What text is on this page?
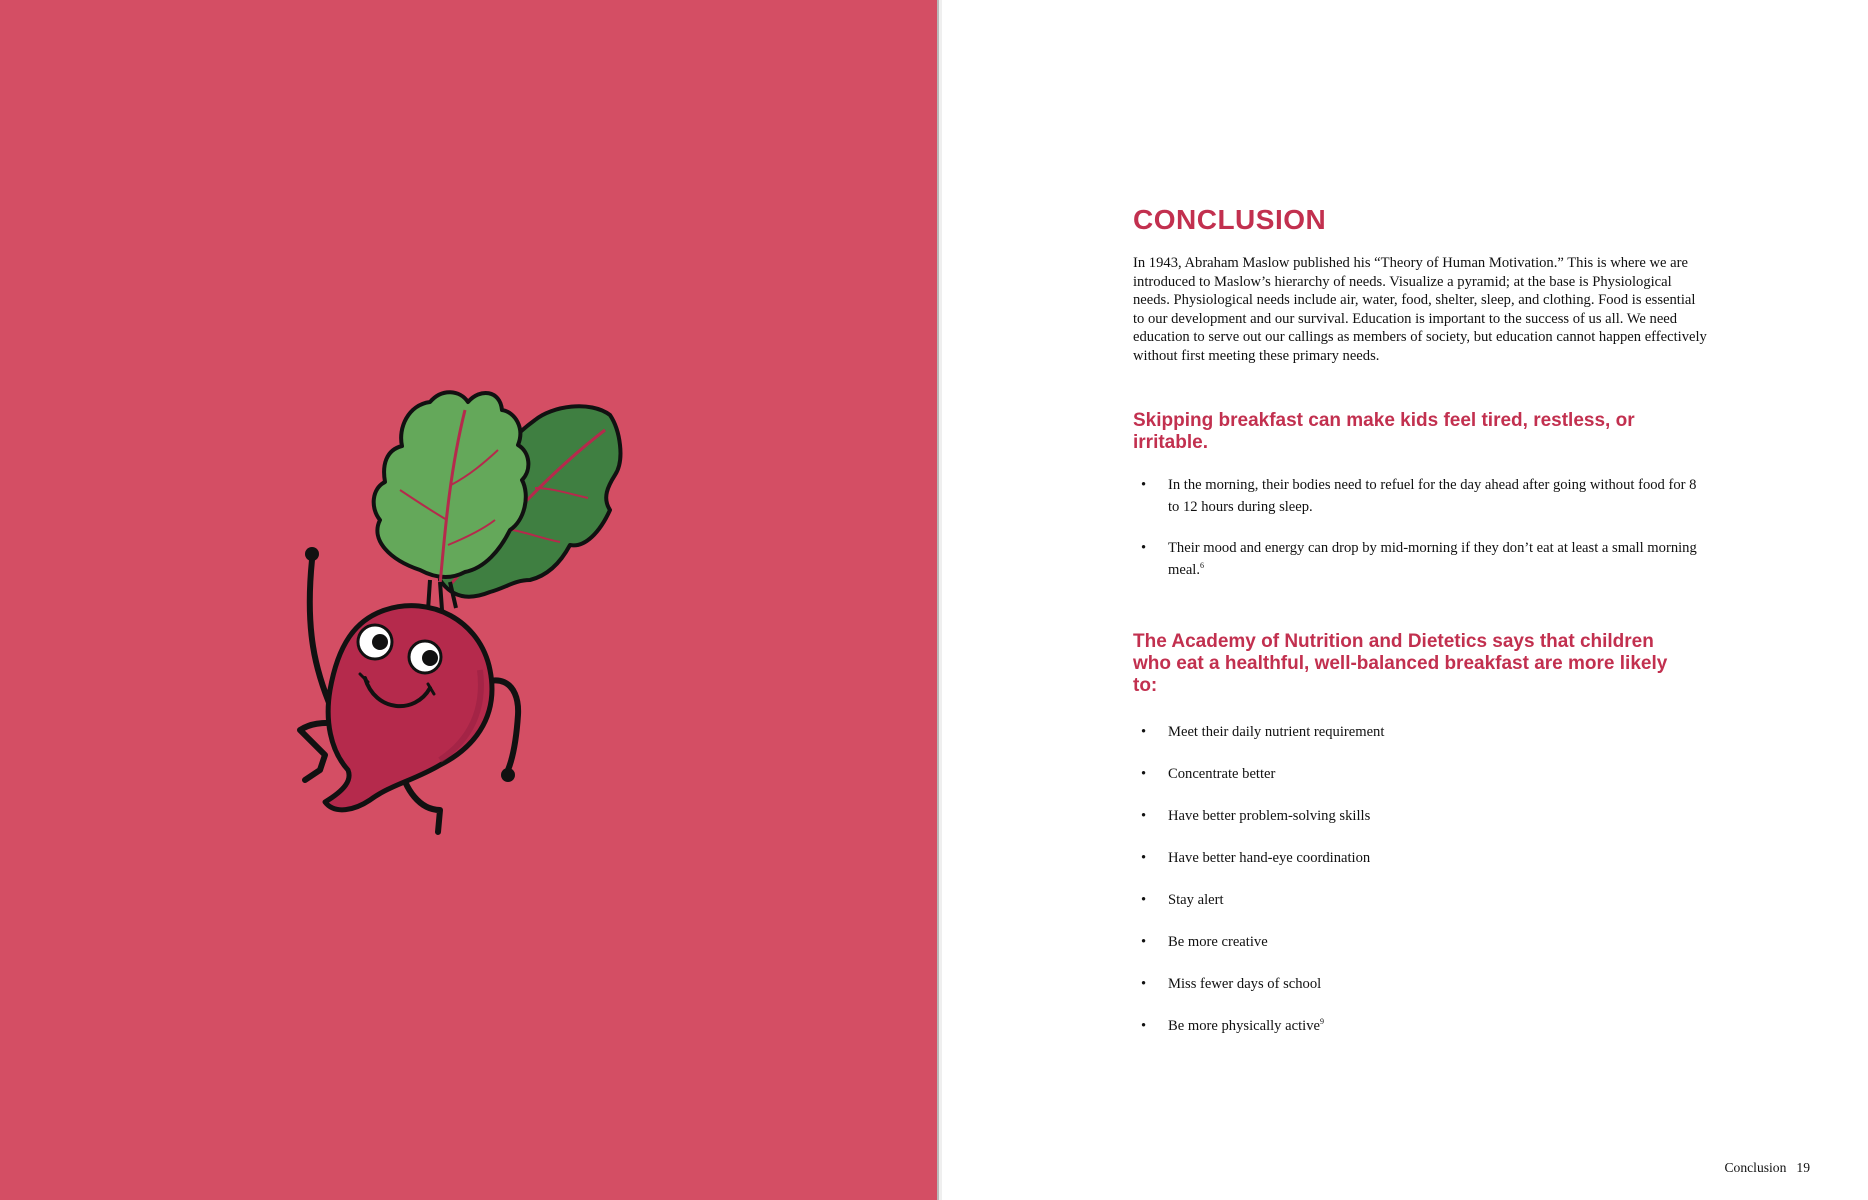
CONCLUSION

In 1943, Abraham Maslow published his “Theory of Human Motivation.” This is where we are introduced to Maslow’s hierarchy of needs. Visualize a pyramid; at the base is Physiological needs. Physiological needs include air, water, food, shelter, sleep, and clothing. Food is essential to our development and our survival. Education is important to the success of us all. We need education to serve out our callings as members of society, but education cannot happen effectively without first meeting these primary needs.

Skipping breakfast can make kids feel tired, restless, or irritable.
• In the morning, their bodies need to refuel for the day ahead after going without food for 8 to 12 hours during sleep.
• Their mood and energy can drop by mid-morning if they don’t eat at least a small morning meal.$^6$
The Academy of Nutrition and Dietetics says that children who eat a healthful, well-balanced breakfast are more likely to:
• Meet their daily nutrient requirement
• Concentrate better
• Have better problem-solving skills
• Have better hand-eye coordination
• Stay alert
• Be more creative
• Miss fewer days of school
• Be more physically active$^9$
Conclusion 19
